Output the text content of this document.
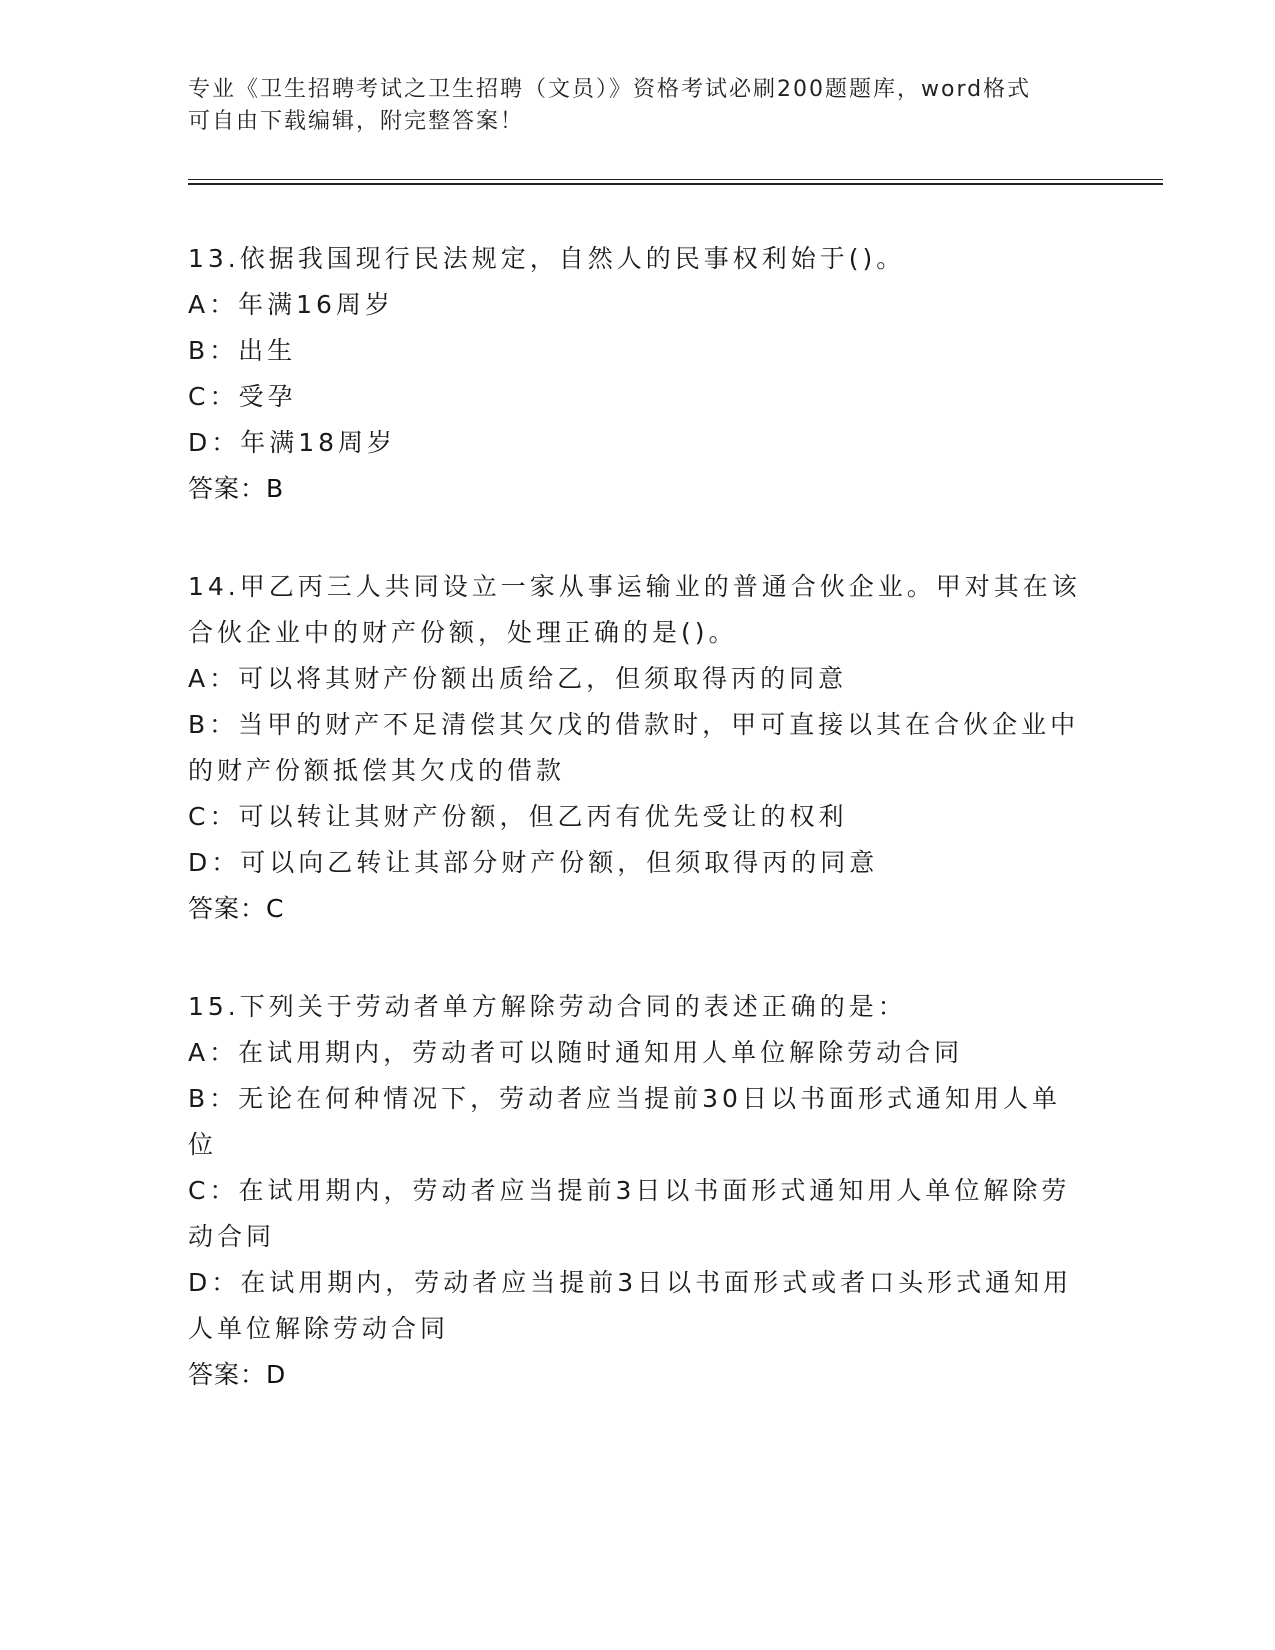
专业《卫生招聘考试之卫生招聘（文员）》资格考试必刷200题题库，word格式
可自由下载编辑，附完整答案！
13.依据我国现行民法规定，自然人的民事权利始于()。
A：年满16周岁
B：出生
C：受孕
D：年满18周岁
答案：B
14.甲乙丙三人共同设立一家从事运输业的普通合伙企业。甲对其在该
合伙企业中的财产份额，处理正确的是()。
A：可以将其财产份额出质给乙，但须取得丙的同意
B：当甲的财产不足清偿其欠戊的借款时，甲可直接以其在合伙企业中
的财产份额抵偿其欠戊的借款
C：可以转让其财产份额，但乙丙有优先受让的权利
D：可以向乙转让其部分财产份额，但须取得丙的同意
答案：C
15.下列关于劳动者单方解除劳动合同的表述正确的是：
A：在试用期内，劳动者可以随时通知用人单位解除劳动合同
B：无论在何种情况下，劳动者应当提前30日以书面形式通知用人单
位
C：在试用期内，劳动者应当提前3日以书面形式通知用人单位解除劳
动合同
D：在试用期内，劳动者应当提前3日以书面形式或者口头形式通知用
人单位解除劳动合同
答案：D
